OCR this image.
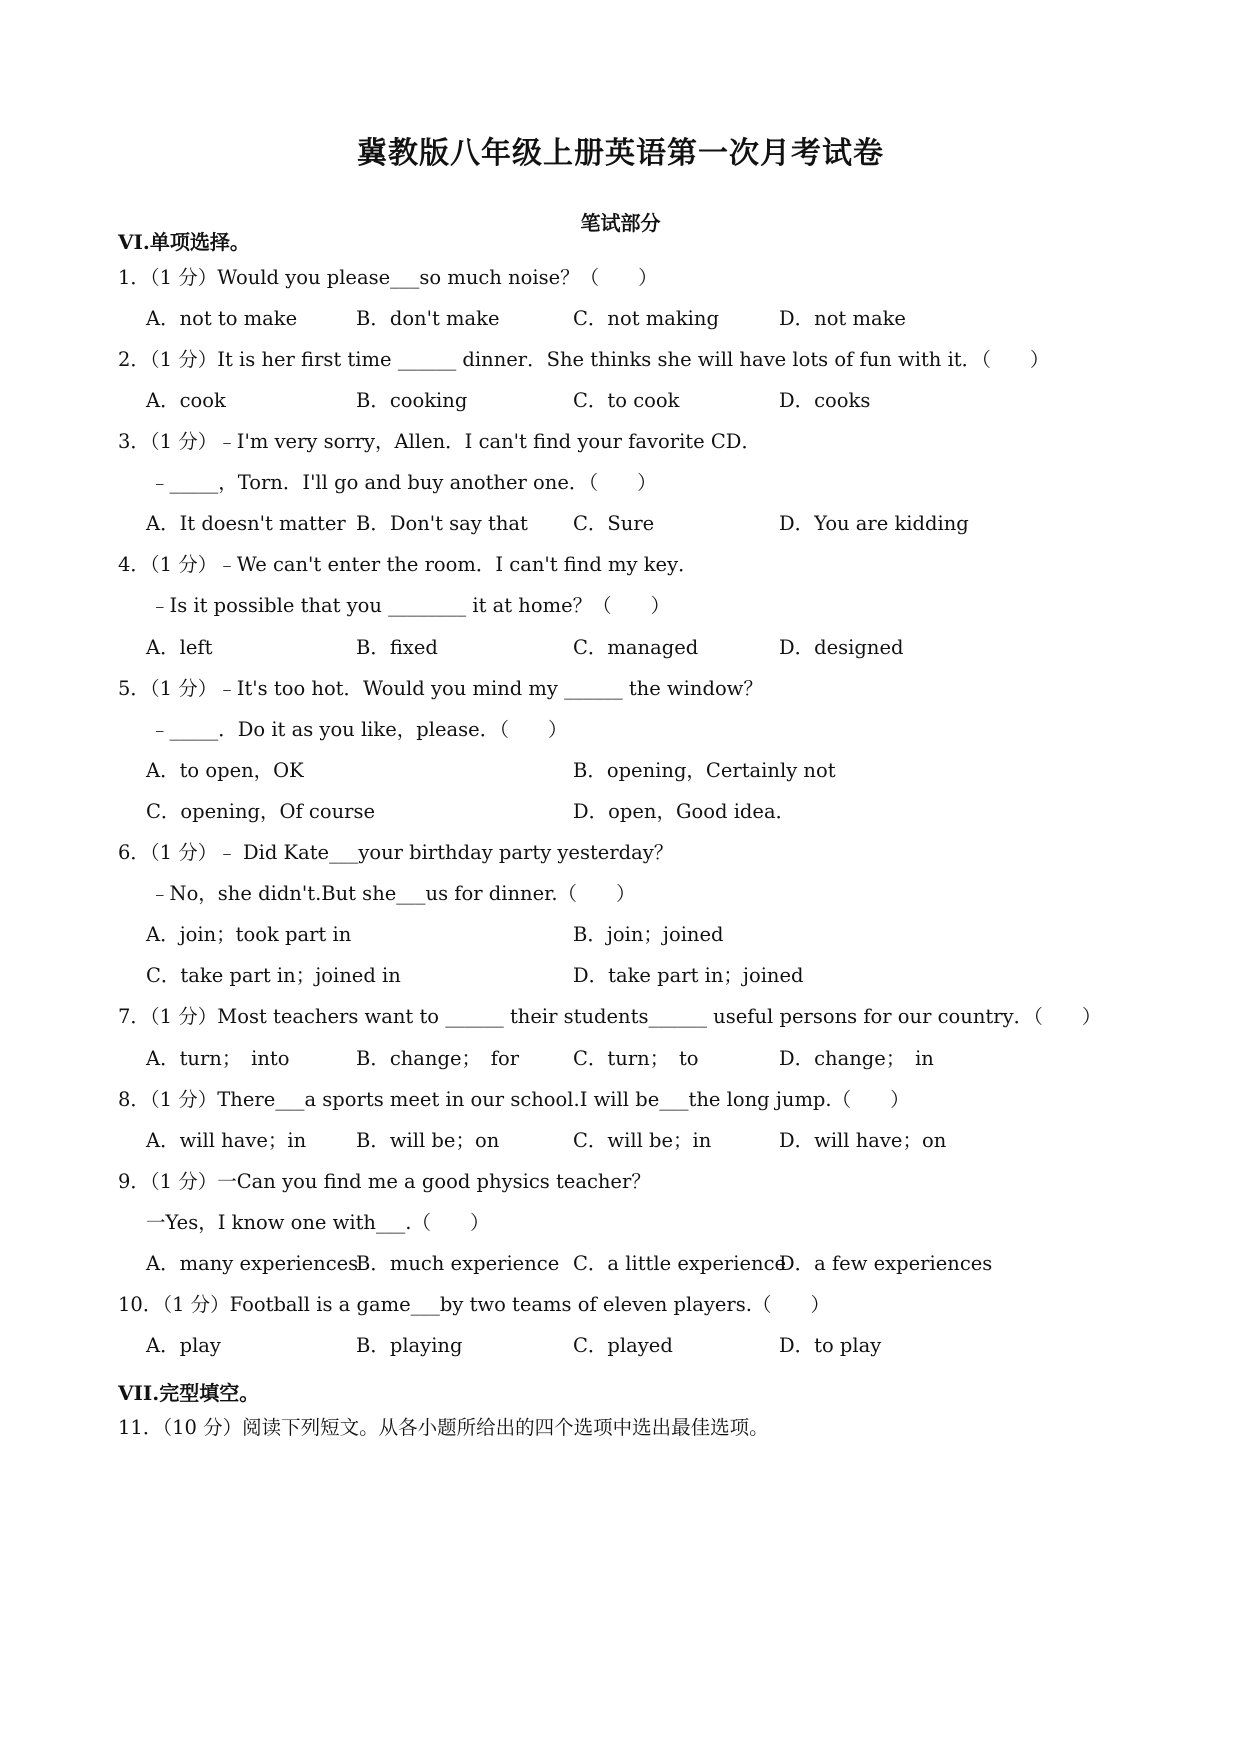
冀教版八年级上册英语第一次月考试卷
笔试部分
VI.单项选择。
1．（1 分）Would you please___so much noise？（　　）
A．not to make	B．don't make	C．not making	D．not make
2．（1 分）It is her first time ______ dinner．She thinks she will have lots of fun with it．（　　）
A．cook	B．cooking	C．to cook	D．cooks
3．（1 分）﹣I'm very sorry，Allen．I can't find your favorite CD．
﹣_____，Torn．I'll go and buy another one．（　　）
A．It doesn't matter B．Don't say that C．Sure	D．You are kidding
4．（1 分）﹣We can't enter the room．I can't find my key．
﹣Is it possible that you ________ it at home？（　　）
A．left	B．fixed	C．managed	D．designed
5．（1 分）﹣It's too hot．Would you mind my ______ the window？
﹣_____．Do it as you like，please．（　　）
A．to open，OK	B．opening，Certainly not
C．opening，Of course	D．open，Good idea．
6．（1 分）﹣ Did Kate___your birthday party yesterday？
﹣No，she didn't.But she___us for dinner.（　　）
A．join；took part in	B．join；joined
C．take part in；joined in	D．take part in；joined
7．（1 分）Most teachers want to ______ their students______ useful persons for our country．（　　）
A．turn；　into	B．change；　for	C．turn；　to	D．change；　in
8．（1 分）There___a sports meet in our school.I will be___the long jump.（　　）
A．will have；in	B．will be；on	C．will be；in	D．will have；on
9．（1 分）一Can you find me a good physics teacher？
一Yes，I know one with___.（　　）
A．many experiences
B．much experience C．a little experience
D．a few experiences
10．（1 分）Football is a game___by two teams of eleven players.（　　）
A．play	B．playing	C．played	D．to play
VII.完型填空。
11．（10 分）阅读下列短文。从各小题所给出的四个选项中选出最佳选项。
